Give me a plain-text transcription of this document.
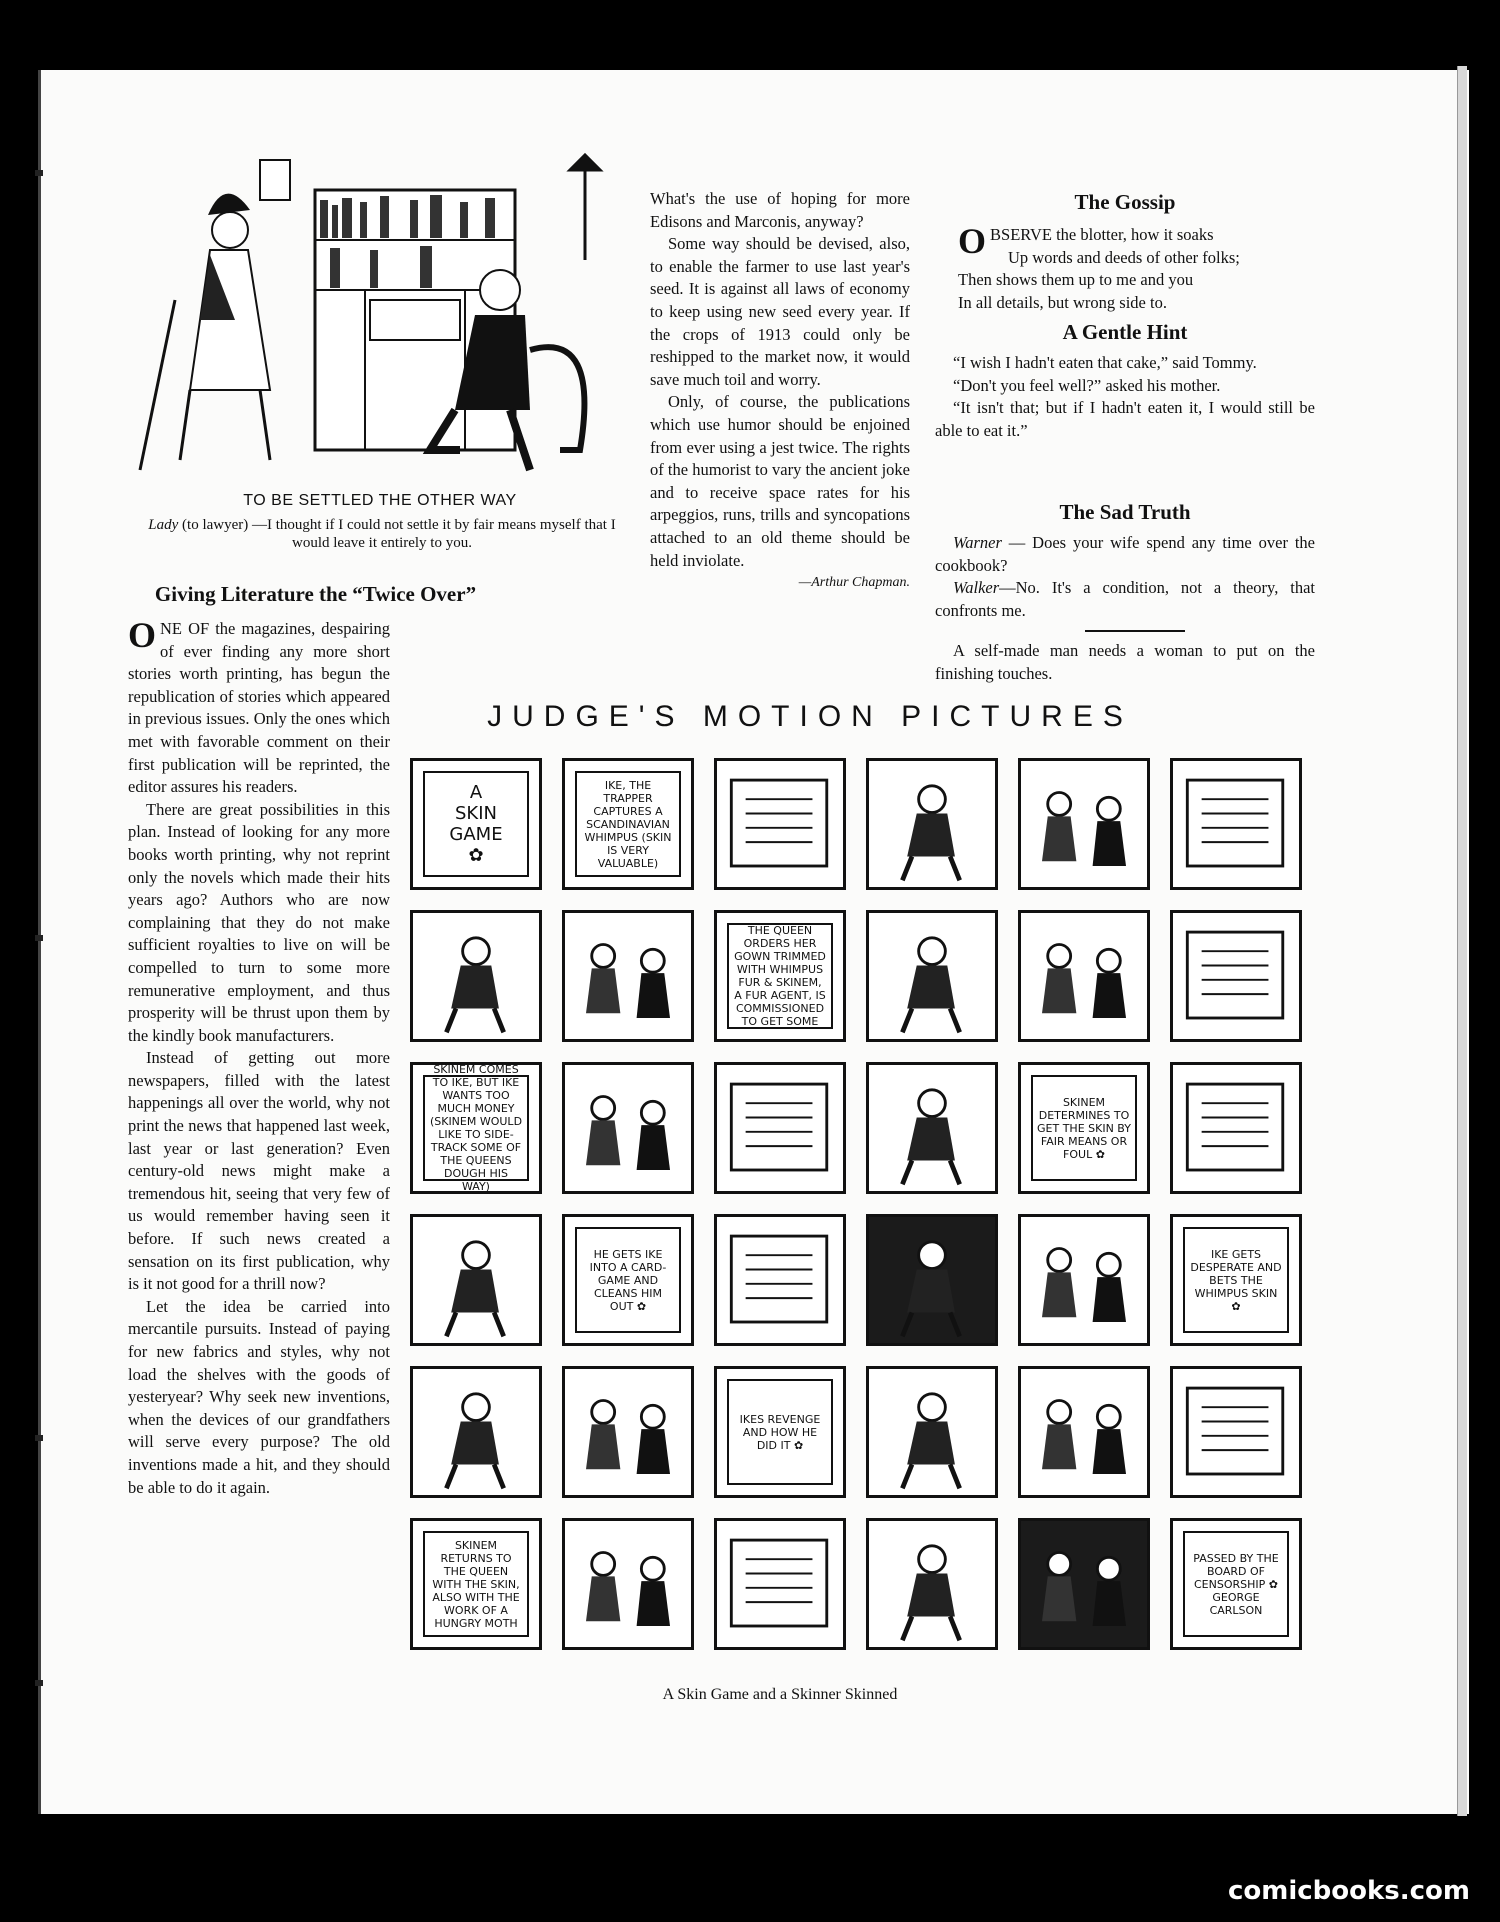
TO BE SETTLED THE OTHER WAY
Lady (to lawyer) —I thought if I could not settle it by fair means myself that I would leave it entirely to you.
Giving Literature the “Twice Over”

ONE OF the magazines, despairing of ever finding any more short stories worth printing, has begun the republication of stories which appeared in previous issues. Only the ones which met with favorable comment on their first publication will be reprinted, the editor assures his readers.

There are great possibilities in this plan. Instead of looking for any more books worth printing, why not reprint only the novels which made their hits years ago? Authors who are now complaining that they do not make sufficient royalties to live on will be compelled to turn to some more remunerative employment, and thus prosperity will be thrust upon them by the kindly book manufacturers.

Instead of getting out more newspapers, filled with the latest happenings all over the world, why not print the news that happened last week, last year or last generation? Even century-old news might make a tremendous hit, seeing that very few of us would remember having seen it before. If such news created a sensation on its first publication, why is it not good for a thrill now?

Let the idea be carried into mercantile pursuits. Instead of paying for new fabrics and styles, why not load the shelves with the goods of yesteryear? Why seek new inventions, when the devices of our grandfathers will serve every purpose? The old inventions made a hit, and they should be able to do it again.

What's the use of hoping for more Edisons and Marconis, anyway?

Some way should be devised, also, to enable the farmer to use last year's seed. It is against all laws of economy to keep using new seed every year. If the crops of 1913 could only be reshipped to the market now, it would save much toil and worry.

Only, of course, the publications which use humor should be enjoined from ever using a jest twice. The rights of the humorist to vary the ancient joke and to receive space rates for his arpeggios, runs, trills and syncopations attached to an old theme should be held inviolate.

—Arthur Chapman.
The Gossip
OBSERVE the blotter, how it soaks
Up words and deeds of other folks;
Then shows them up to me and you
In all details, but wrong side to.
A Gentle Hint

“I wish I hadn't eaten that cake,” said Tommy.

“Don't you feel well?” asked his mother.

“It isn't that; but if I hadn't eaten it, I would still be able to eat it.”

The Sad Truth

Warner — Does your wife spend any time over the cookbook?

Walker—No. It's a condition, not a theory, that confronts me.

A self-made man needs a woman to put on the finishing touches.

JUDGE'S MOTION PICTURES
A
SKIN
GAME
✿
IKE, THE TRAPPER CAPTURES A SCANDINAVIAN WHIMPUS (SKIN IS VERY VALUABLE)
THE QUEEN ORDERS HER GOWN TRIMMED WITH WHIMPUS FUR & SKINEM, A FUR AGENT, IS COMMISSIONED TO GET SOME
SKINEM COMES TO IKE, BUT IKE WANTS TOO MUCH MONEY (SKINEM WOULD LIKE TO SIDE-TRACK SOME OF THE QUEENS DOUGH HIS WAY)
SKINEM DETERMINES TO GET THE SKIN BY FAIR MEANS OR FOUL ✿
HE GETS IKE INTO A CARD-GAME AND CLEANS HIM OUT ✿
IKE GETS DESPERATE AND BETS THE WHIMPUS SKIN ✿
IKES REVENGE AND HOW HE DID IT ✿
SKINEM RETURNS TO THE QUEEN WITH THE SKIN, ALSO WITH THE WORK OF A HUNGRY MOTH
PASSED BY THE BOARD OF CENSORSHIP ✿ GEORGE CARLSON
A Skin Game and a Skinner Skinned
comicbooks.com
